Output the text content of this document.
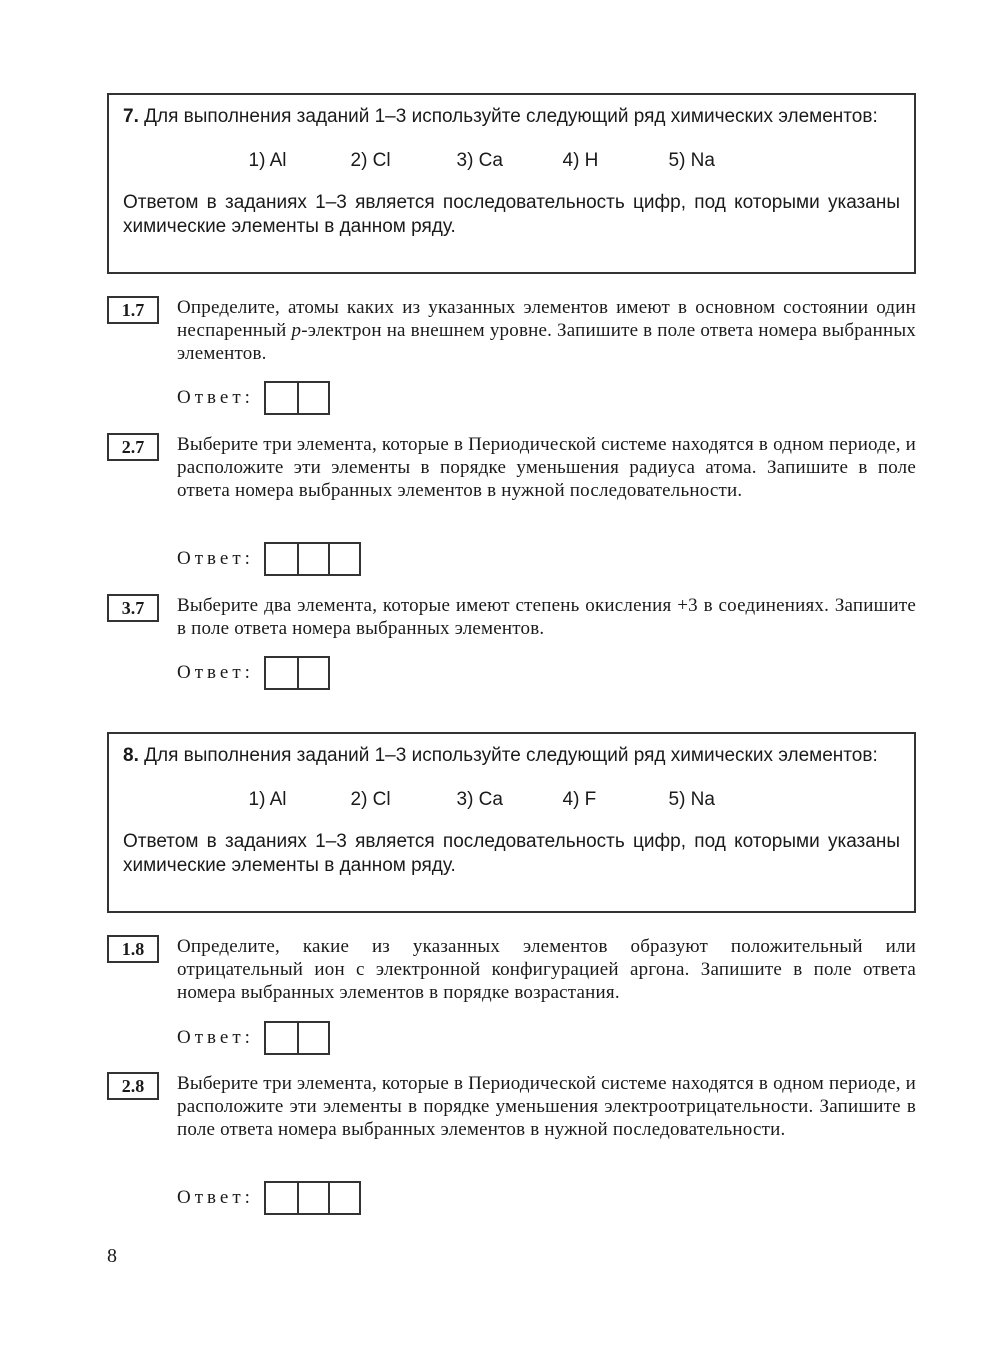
7. Для выполнения заданий 1–3 используйте следующий ряд химических элементов:

1) Al	2) Cl	3) Ca	4) H	5) Na

Ответом в заданиях 1–3 является последовательность цифр, под которыми указаны химические элементы в данном ряду.

1.7	Определите, атомы каких из указанных элементов имеют в основном состоянии один неспаренный р-электрон на внешнем уровне. Запишите в поле ответа номера выбранных элементов.
Ответ:
2.7	Выберите три элемента, которые в Периодической системе находятся в одном периоде, и расположите эти элементы в порядке уменьшения радиуса атома. Запишите в поле ответа номера выбранных элементов в нужной последовательности.
Ответ:
3.7	Выберите два элемента, которые имеют степень окисления +3 в соединениях. Запишите в поле ответа номера выбранных элементов.
Ответ:

8. Для выполнения заданий 1–3 используйте следующий ряд химических элементов:

1) Al	2) Cl	3) Ca	4) F	5) Na

Ответом в заданиях 1–3 является последовательность цифр, под которыми указаны химические элементы в данном ряду.

1.8	Определите, какие из указанных элементов образуют положительный или отрицательный ион с электронной конфигурацией аргона. Запишите в поле ответа номера выбранных элементов в порядке возрастания.
Ответ:
2.8	Выберите три элемента, которые в Периодической системе находятся в одном периоде, и расположите эти элементы в порядке уменьшения электроотрицательности. Запишите в поле ответа номера выбранных элементов в нужной последовательности.
Ответ:
8
